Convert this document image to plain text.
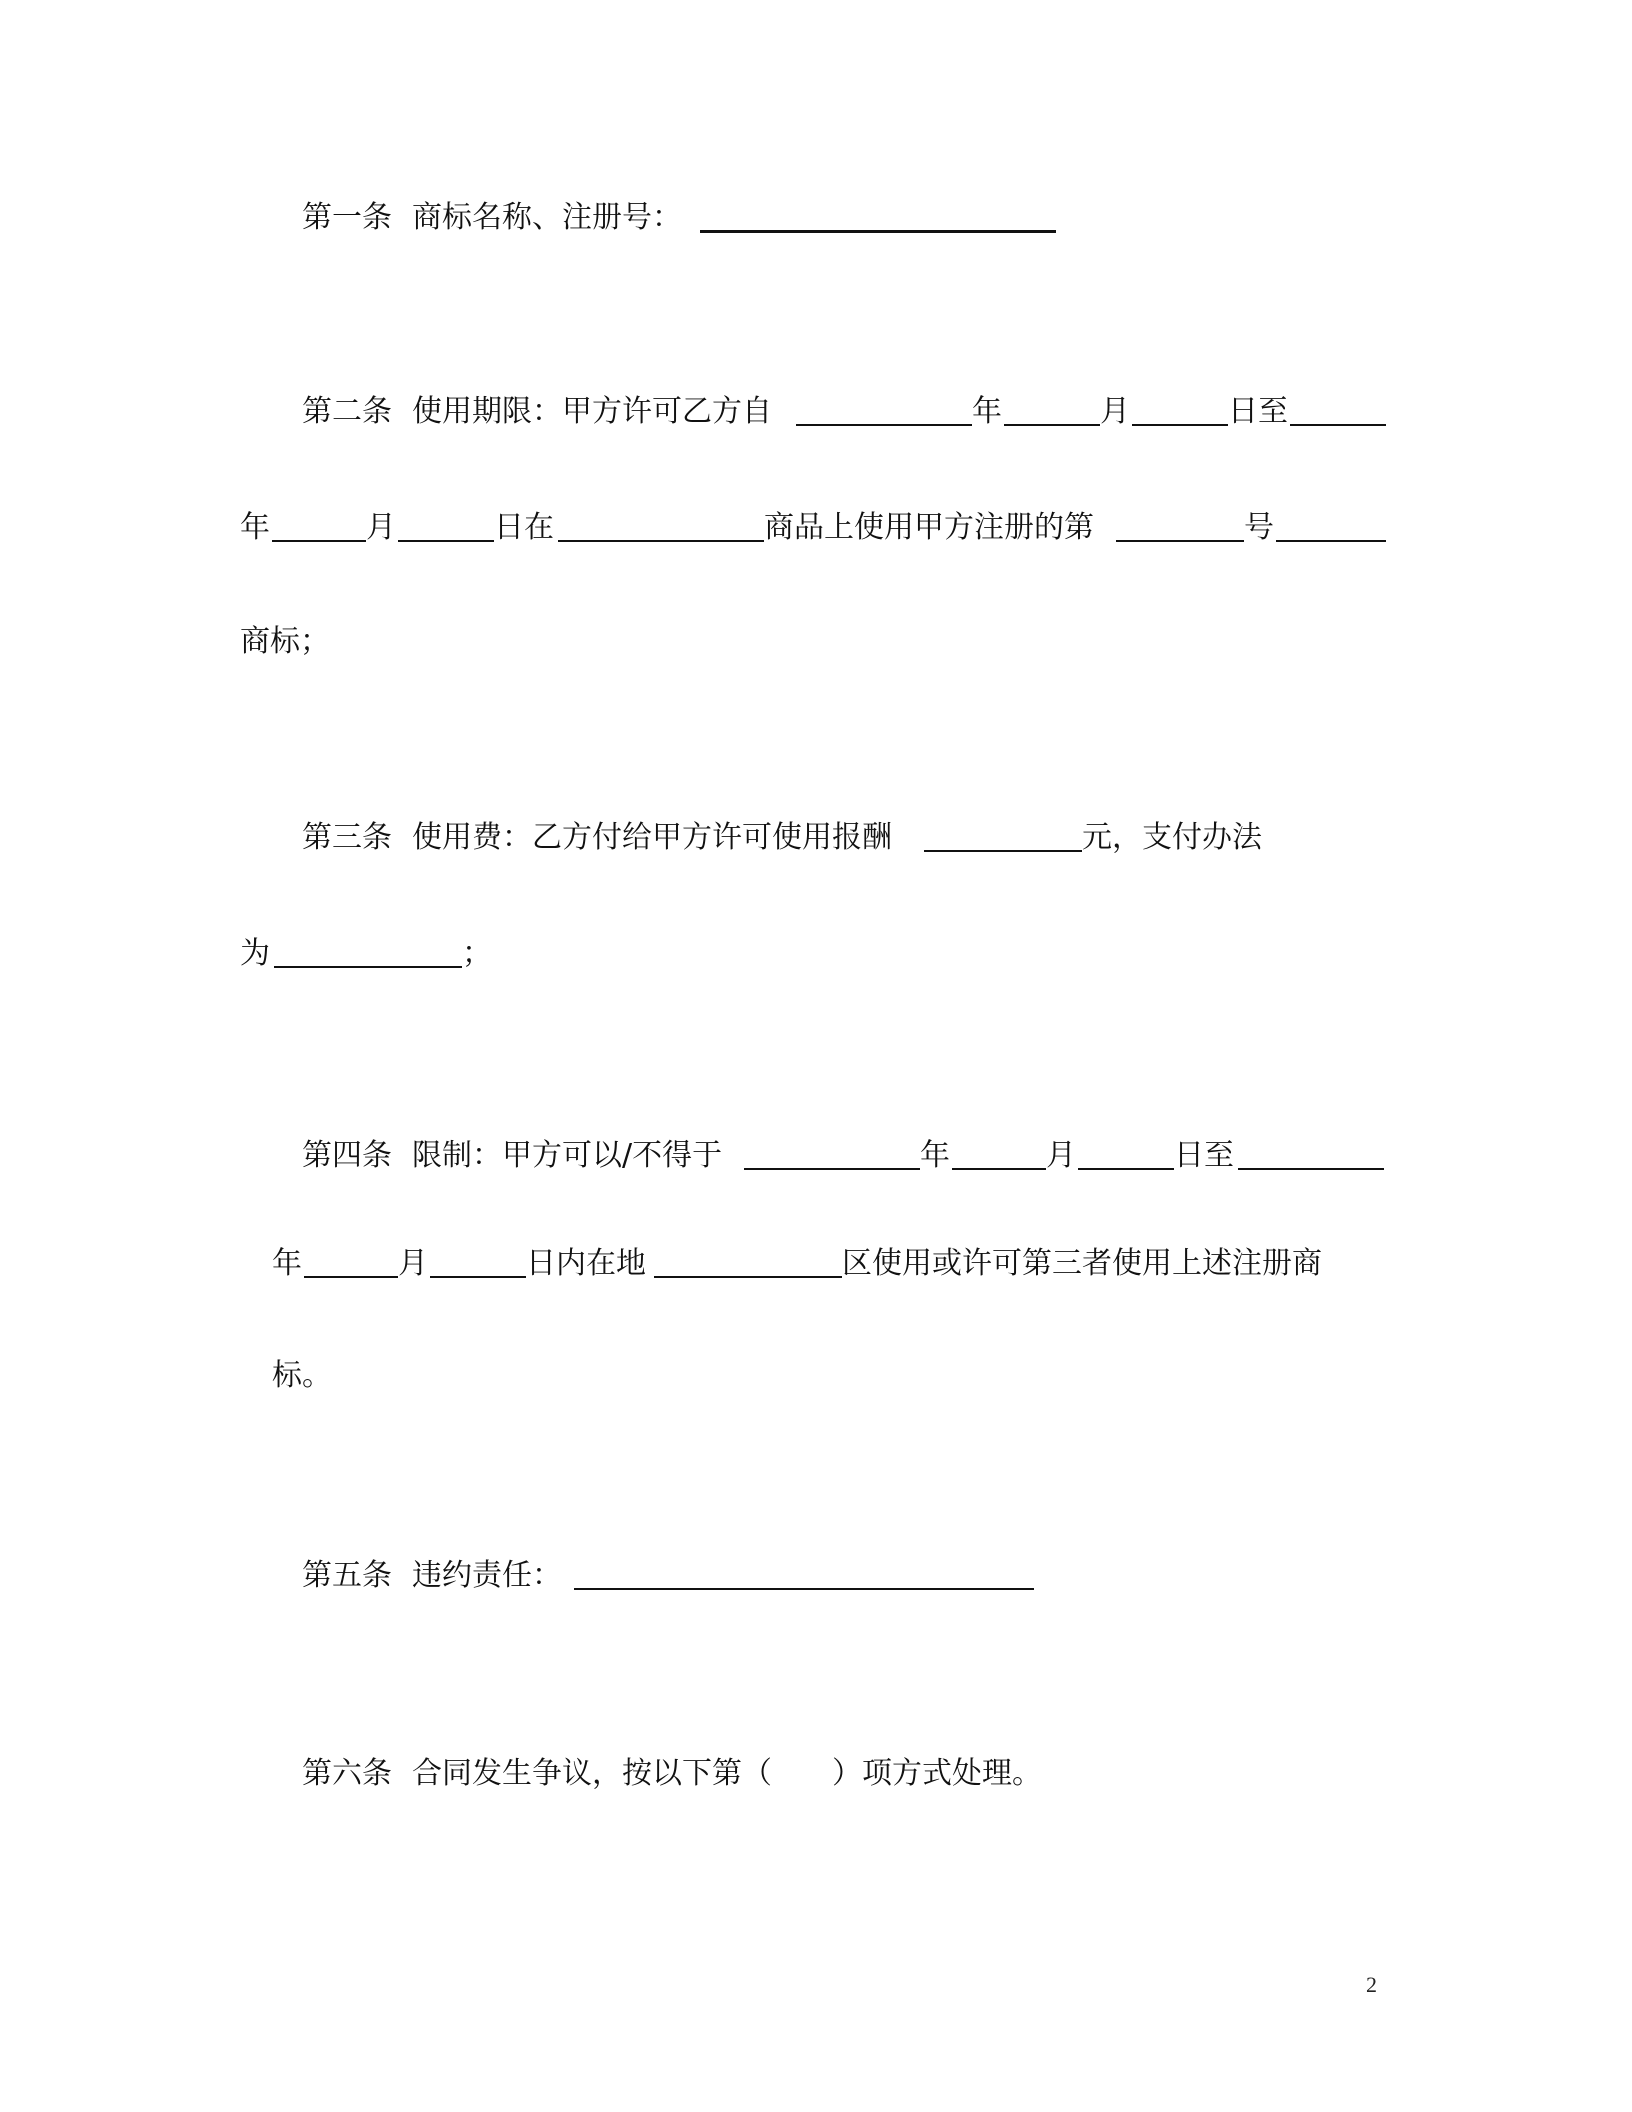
第一条 商标名称、注册号：
第二条 使用期限：甲方许可乙方自	年	月	日至
年	月	日在	商品上使用甲方注册的第	号
商标；
第三条 使用费：乙方付给甲方许可使用报酬	元，支付办法
为	；
第四条 限制：甲方可以/不得于	年	月	日至
年	月	日内在地	区使用或许可第三者使用上述注册商
标。
第五条 违约责任：
第六条 合同发生争议，按以下第（　　）项方式处理。
2
